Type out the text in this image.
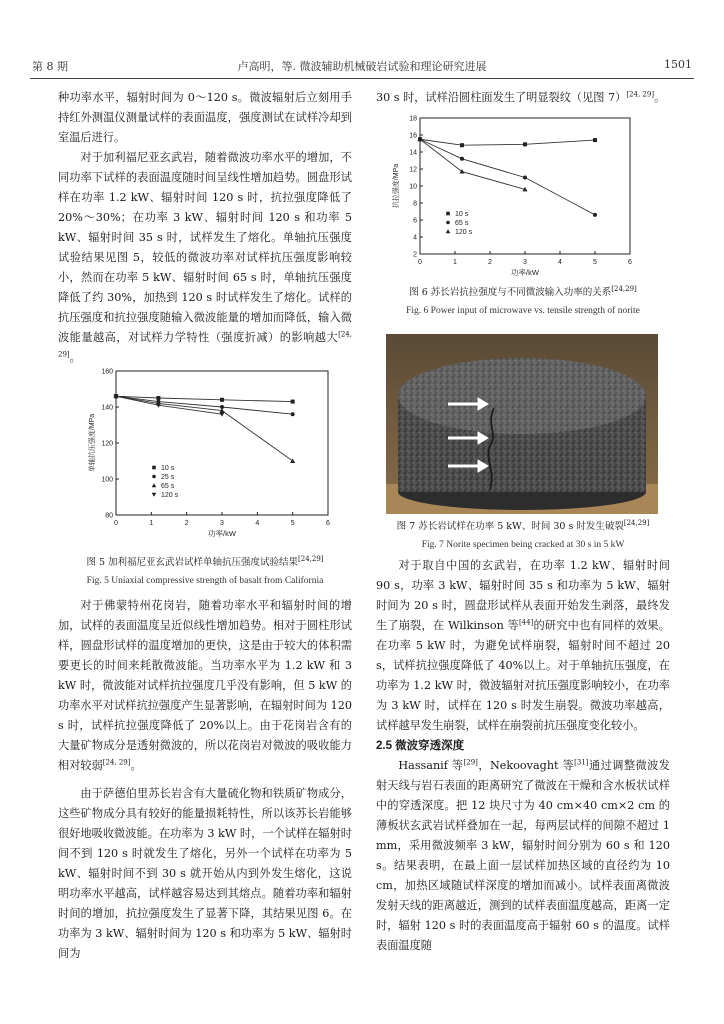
第 8 期	卢高明，等. 微波辅助机械破岩试验和理论研究进展	1501

种功率水平，辐射时间为 0～120 s。微波辐射后立刻用手持红外测温仪测量试样的表面温度，强度测试在试样冷却到室温后进行。

对于加利福尼亚玄武岩，随着微波功率水平的增加，不同功率下试样的表面温度随时间呈线性增加趋势。圆盘形试样在功率 1.2 kW、辐射时间 120 s 时，抗拉强度降低了 20%～30%；在功率 3 kW、辐射时间 120 s 和功率 5 kW、辐射时间 35 s 时，试样发生了熔化。单轴抗压强度试验结果见图 5，较低的微波功率对试样抗压强度影响较小，然而在功率 5 kW、辐射时间 65 s 时，单轴抗压强度降低了约 30%，加热到 120 s 时试样发生了熔化。试样的抗压强度和抗拉强度随输入微波能量的增加而降低，输入微波能量越高，对试样力学特性（强度折减）的影响越大[24, 29]。

0	1	2	3	4	5	6
80
100
120
140
160
功率/kW
单轴抗压强度/MPa	10 s
25 s
65 s
120 s
图 5 加利福尼亚玄武岩试样单轴抗压强度试验结果[24,29]
Fig. 5 Uniaxial compressive strength of basalt from California

对于佛蒙特州花岗岩，随着功率水平和辐射时间的增加，试样的表面温度呈近似线性增加趋势。相对于圆柱形试样，圆盘形试样的温度增加的更快，这是由于较大的体积需要更长的时间来耗散微波能。当功率水平为 1.2 kW 和 3 kW 时，微波能对试样抗拉强度几乎没有影响，但 5 kW 的功率水平对试样抗拉强度产生显著影响，在辐射时间为 120 s 时，试样抗拉强度降低了 20%以上。由于花岗岩含有的大量矿物成分是透射微波的，所以花岗岩对微波的吸收能力相对较弱[24, 29]。

由于萨德伯里苏长岩含有大量硫化物和铁质矿物成分，这些矿物成分具有较好的能量损耗特性，所以该苏长岩能够很好地吸收微波能。在功率为 3 kW 时，一个试样在辐射时间不到 120 s 时就发生了熔化，另外一个试样在功率为 5 kW、辐射时间不到 30 s 就开始从内到外发生熔化，这说明功率水平越高，试样越容易达到其熔点。随着功率和辐射时间的增加，抗拉强度发生了显著下降，其结果见图 6。在功率为 3 kW、辐射时间为 120 s 和功率为 5 kW、辐射时间为

30 s 时，试样沿圆柱面发生了明显裂纹（见图 7）[24, 29]。

0	1	2	3	4	5	6
2
4
6
8
10
12
14
16
18
功率/kW
抗拉强度/MPa
10 s
65 s
120 s
图 6 苏长岩抗拉强度与不同微波输入功率的关系[24,29]
Fig. 6 Power input of microwave vs. tensile strength of norite
图 7 苏长岩试样在功率 5 kW、时间 30 s 时发生破裂[24,29]
Fig. 7 Norite specimen being cracked at 30 s in 5 kW

对于取自中国的玄武岩，在功率 1.2 kW、辐射时间 90 s，功率 3 kW、辐射时间 35 s 和功率为 5 kW、辐射时间为 20 s 时，圆盘形试样从表面开始发生剥落，最终发生了崩裂，在 Wilkinson 等[44]的研究中也有同样的效果。在功率 5 kW 时，为避免试样崩裂，辐射时间不超过 20 s，试样抗拉强度降低了 40%以上。对于单轴抗压强度，在功率为 1.2 kW 时，微波辐射对抗压强度影响较小，在功率为 3 kW 时，试样在 120 s 时发生崩裂。微波功率越高，试样越早发生崩裂，试样在崩裂前抗压强度变化较小。

2.5 微波穿透深度

Hassanif 等[29]，Nekoovaght 等[31]通过调整微波发射天线与岩石表面的距离研究了微波在干燥和含水板状试样中的穿透深度。把 12 块尺寸为 40 cm×40 cm×2 cm 的薄板状玄武岩试样叠加在一起，每两层试样的间隙不超过 1 mm，采用微波频率 3 kW，辐射时间分别为 60 s 和 120 s。结果表明，在最上面一层试样加热区域的直径约为 10 cm，加热区域随试样深度的增加而减小。试样表面离微波发射天线的距离越近，测到的试样表面温度越高，距离一定时，辐射 120 s 时的表面温度高于辐射 60 s 的温度。试样表面温度随
